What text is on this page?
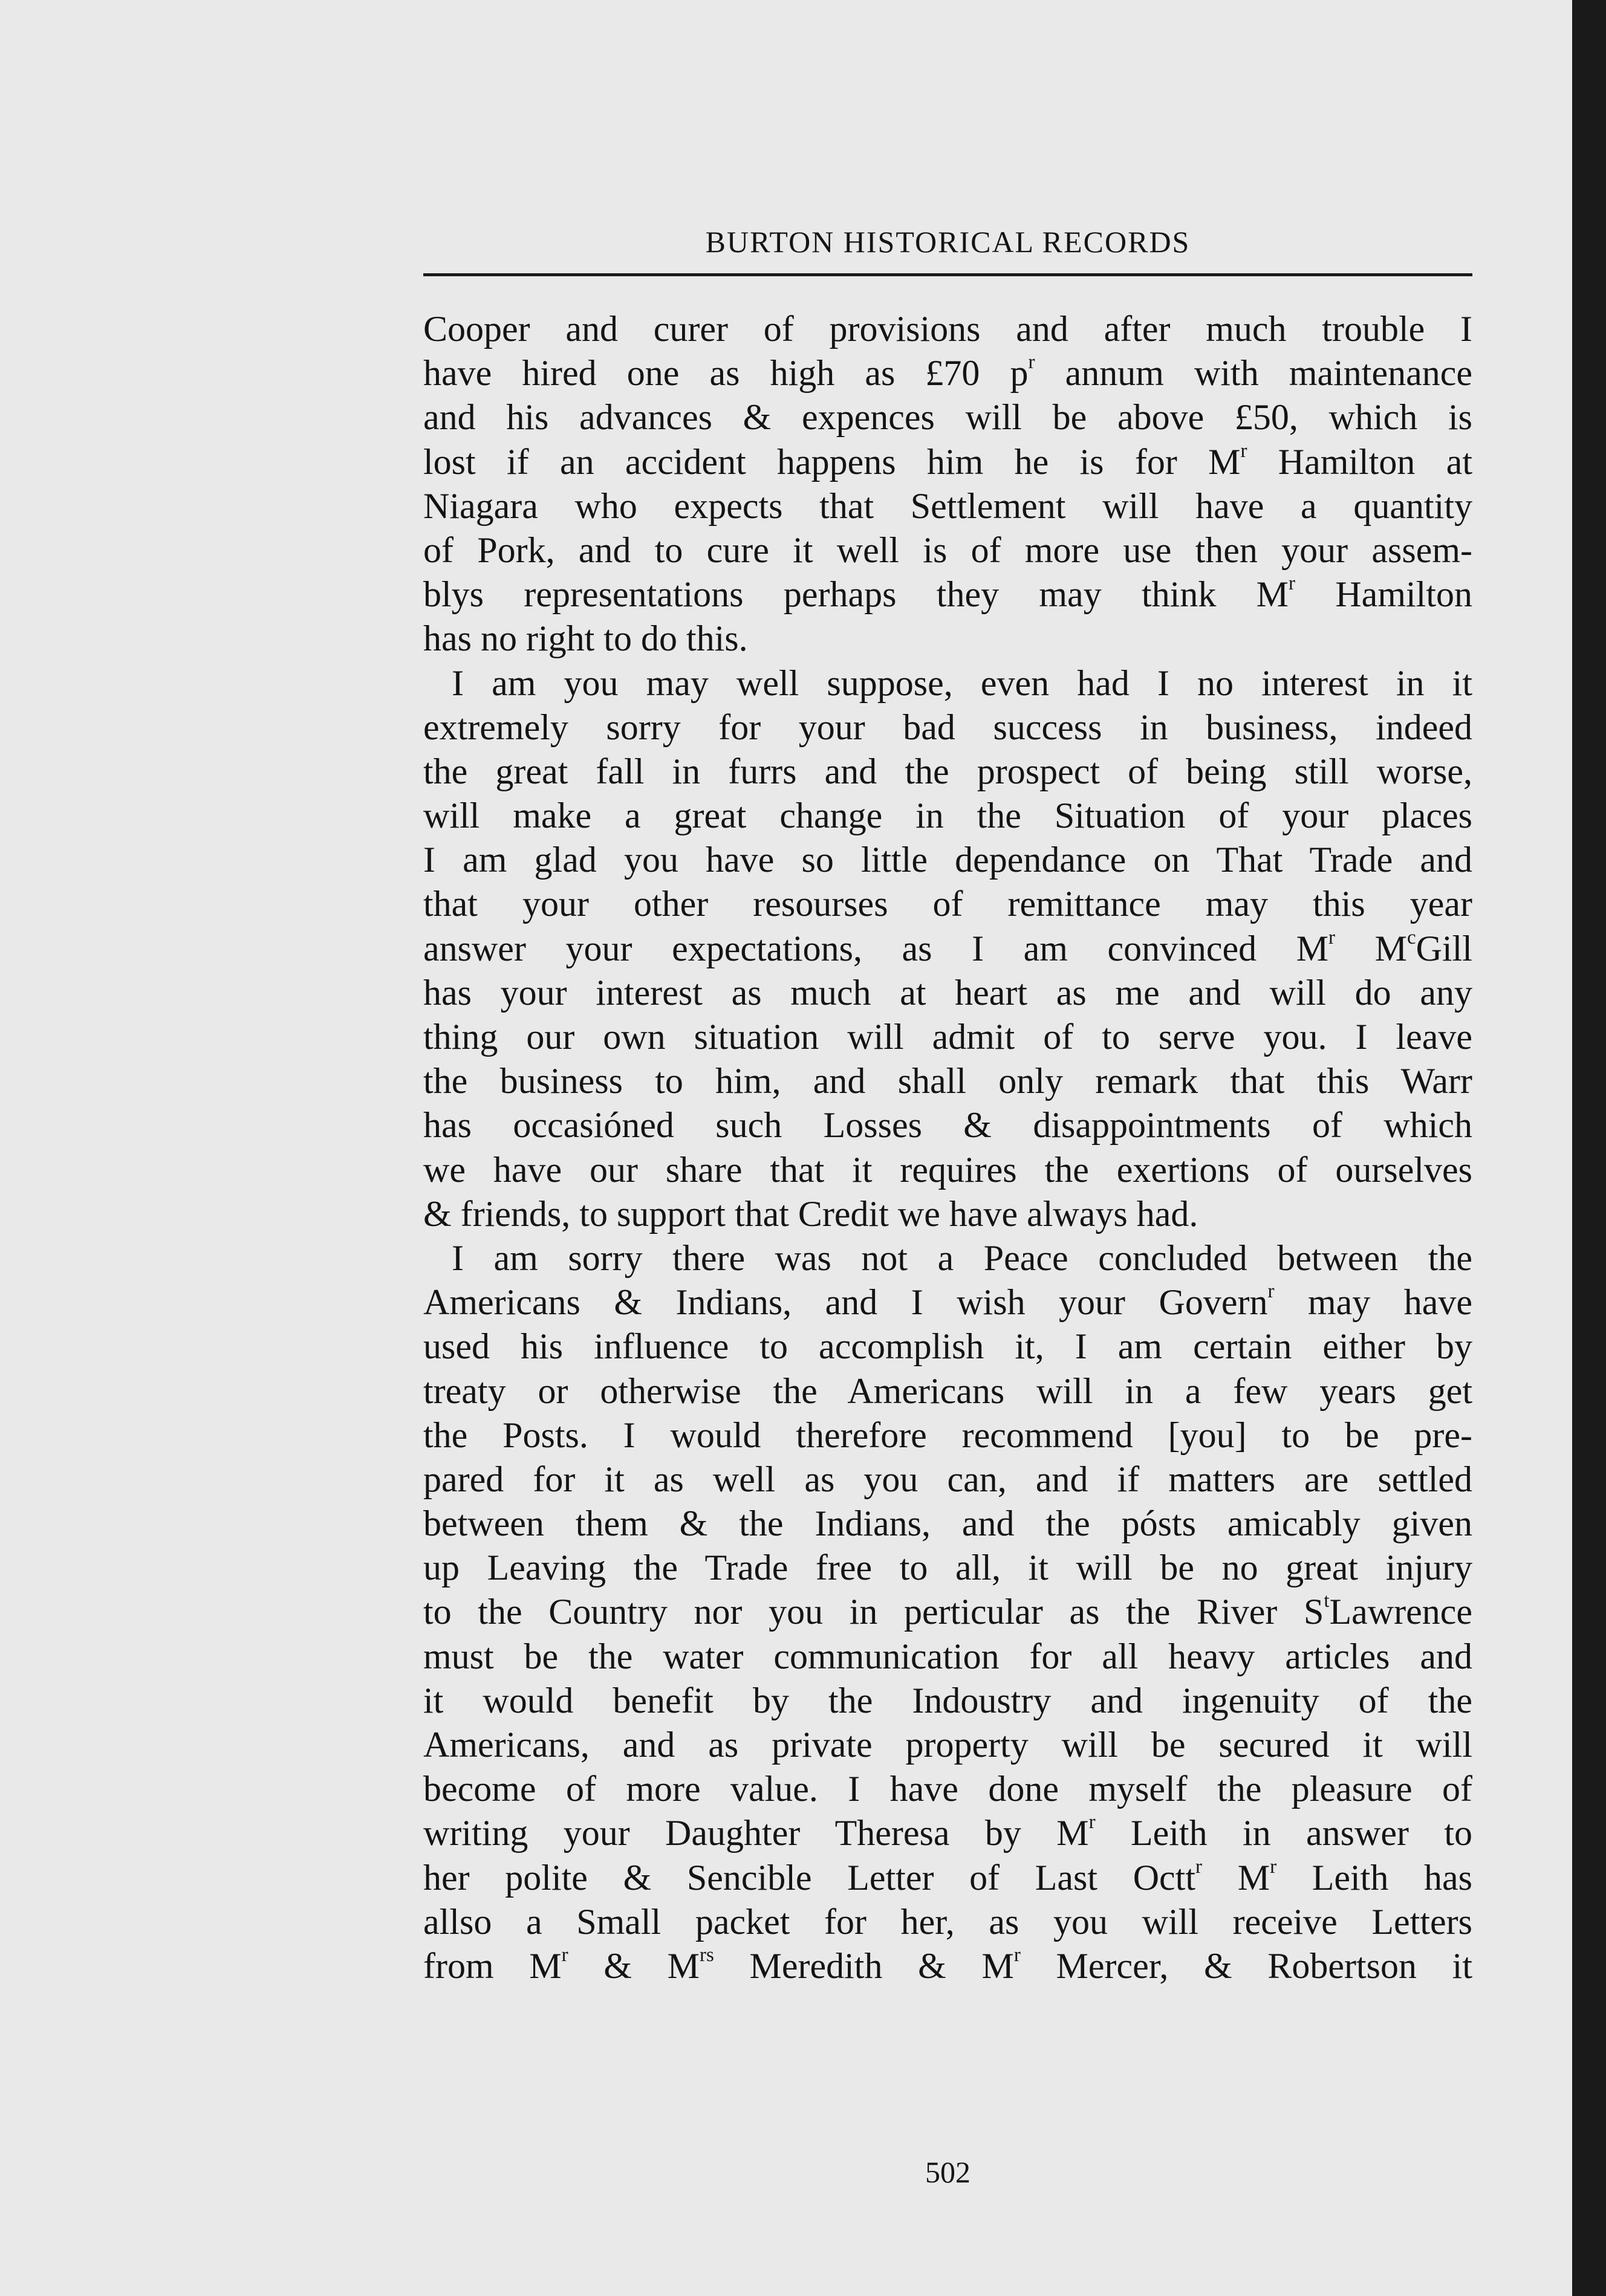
BURTON HISTORICAL RECORDS
Cooper and curer of provisions and after much trouble I
have hired one as high as £70 $p^r$ annum with maintenance
and his advances & expences will be above £50, which is
lost if an accident happens him he is for $M^r$ Hamilton at
Niagara who expects that Settlement will have a quantity
of Pork, and to cure it well is of more use then your assem-
blys representations perhaps they may think $M^r$ Hamilton
has no right to do this.
I am you may well suppose, even had I no interest in it
extremely sorry for your bad success in business, indeed
the great fall in furrs and the prospect of being still worse,
will make a great change in the Situation of your places
I am glad you have so little dependance on That Trade and
that your other resourses of remittance may this year
answer your expectations, as I am convinced $M^r$ $M^cGill$
has your interest as much at heart as me and will do any
thing our own situation will admit of to serve you. I leave
the business to him, and shall only remark that this Warr
has occasióned such Losses & disappointments of which
we have our share that it requires the exertions of ourselves
& friends, to support that Credit we have always had.
I am sorry there was not a Peace concluded between the
Americans & Indians, and I wish your Govern$^r$ may have
used his influence to accomplish it, I am certain either by
treaty or otherwise the Americans will in a few years get
the Posts. I would therefore recommend [you] to be pre-
pared for it as well as you can, and if matters are settled
between them & the Indians, and the pósts amicably given
up Leaving the Trade free to all, it will be no great injury
to the Country nor you in perticular as the River $S^tLawrence$
must be the water communication for all heavy articles and
it would benefit by the Indoustry and ingenuity of the
Americans, and as private property will be secured it will
become of more value. I have done myself the pleasure of
writing your Daughter Theresa by $M^r$ Leith in answer to
her polite & Sencible Letter of Last Octt$^r$ $M^r$ Leith has
allso a Small packet for her, as you will receive Letters
from $M^r$ & $M^{rs}$ Meredith & $M^r$ Mercer, & Robertson it
502
